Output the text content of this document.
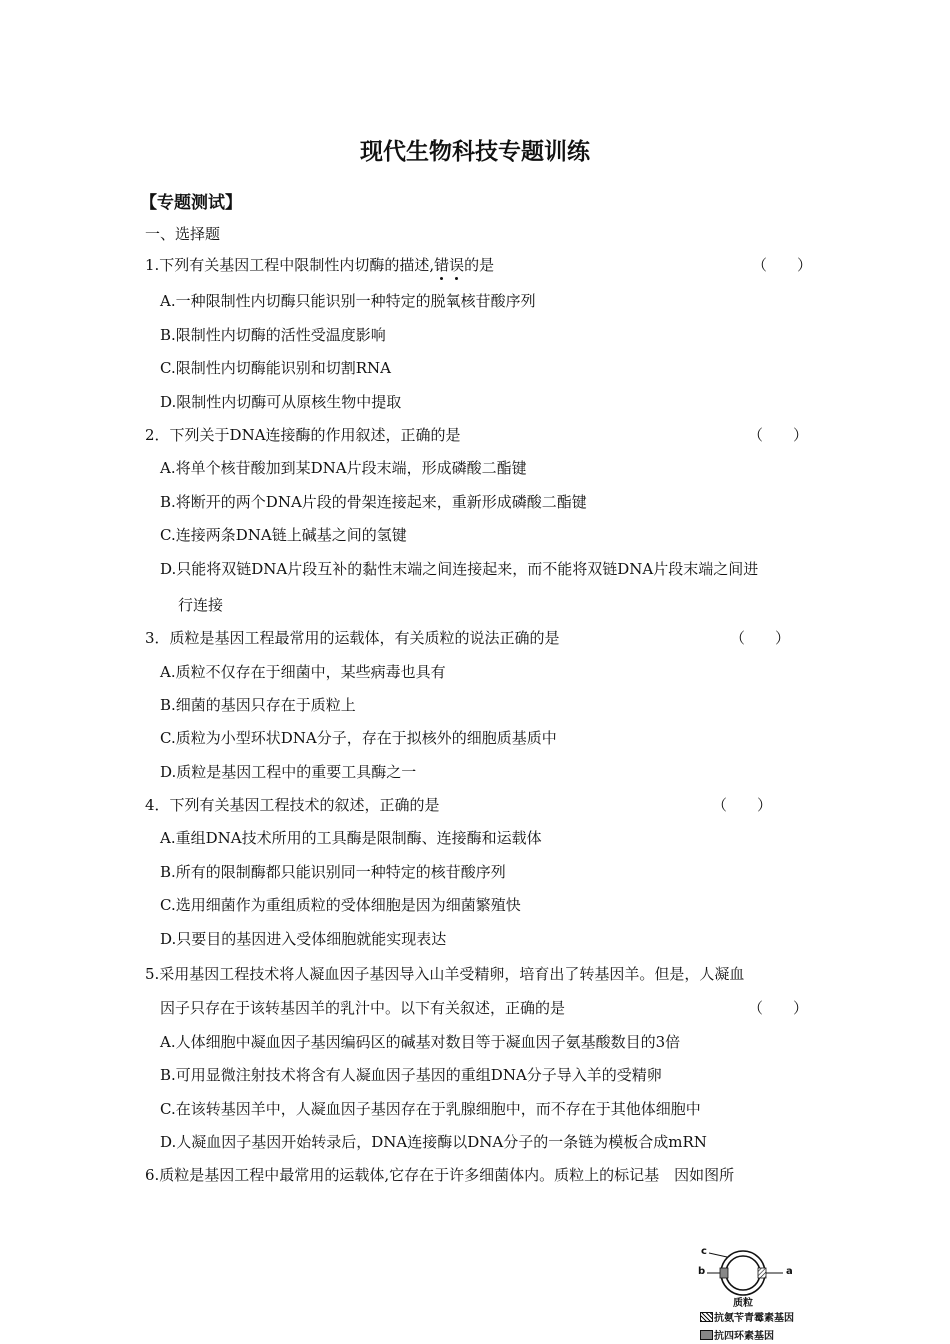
现代生物科技专题训练
【专题测试】
一、选择题
1.下列有关基因工程中限制性内切酶的描述,错误的是	（　　）
A.一种限制性内切酶只能识别一种特定的脱氧核苷酸序列
B.限制性内切酶的活性受温度影响
C.限制性内切酶能识别和切割RNA
D.限制性内切酶可从原核生物中提取
2．下列关于DNA连接酶的作用叙述，正确的是	（　　）
A.将单个核苷酸加到某DNA片段末端，形成磷酸二酯键
B.将断开的两个DNA片段的骨架连接起来，重新形成磷酸二酯键
C.连接两条DNA链上碱基之间的氢键
D.只能将双链DNA片段互补的黏性末端之间连接起来，而不能将双链DNA片段末端之间进
行连接
3．质粒是基因工程最常用的运载体，有关质粒的说法正确的是	（　　）
A.质粒不仅存在于细菌中，某些病毒也具有
B.细菌的基因只存在于质粒上
C.质粒为小型环状DNA分子，存在于拟核外的细胞质基质中
D.质粒是基因工程中的重要工具酶之一
4．下列有关基因工程技术的叙述，正确的是	（　　）
A.重组DNA技术所用的工具酶是限制酶、连接酶和运载体
B.所有的限制酶都只能识别同一种特定的核苷酸序列
C.选用细菌作为重组质粒的受体细胞是因为细菌繁殖快
D.只要目的基因进入受体细胞就能实现表达
5.采用基因工程技术将人凝血因子基因导入山羊受精卵，培育出了转基因羊。但是，人凝血
因子只存在于该转基因羊的乳汁中。以下有关叙述，正确的是	（　　）
A.人体细胞中凝血因子基因编码区的碱基对数目等于凝血因子氨基酸数目的3倍
B.可用显微注射技术将含有人凝血因子基因的重组DNA分子导入羊的受精卵
C.在该转基因羊中，人凝血因子基因存在于乳腺细胞中，而不存在于其他体细胞中
D.人凝血因子基因开始转录后，DNA连接酶以DNA分子的一条链为模板合成mRN
6.质粒是基因工程中最常用的运载体,它存在于许多细菌体内。质粒上的标记基　因如图所
a
b
c
质粒
抗氨苄青霉素基因
抗四环素基因
